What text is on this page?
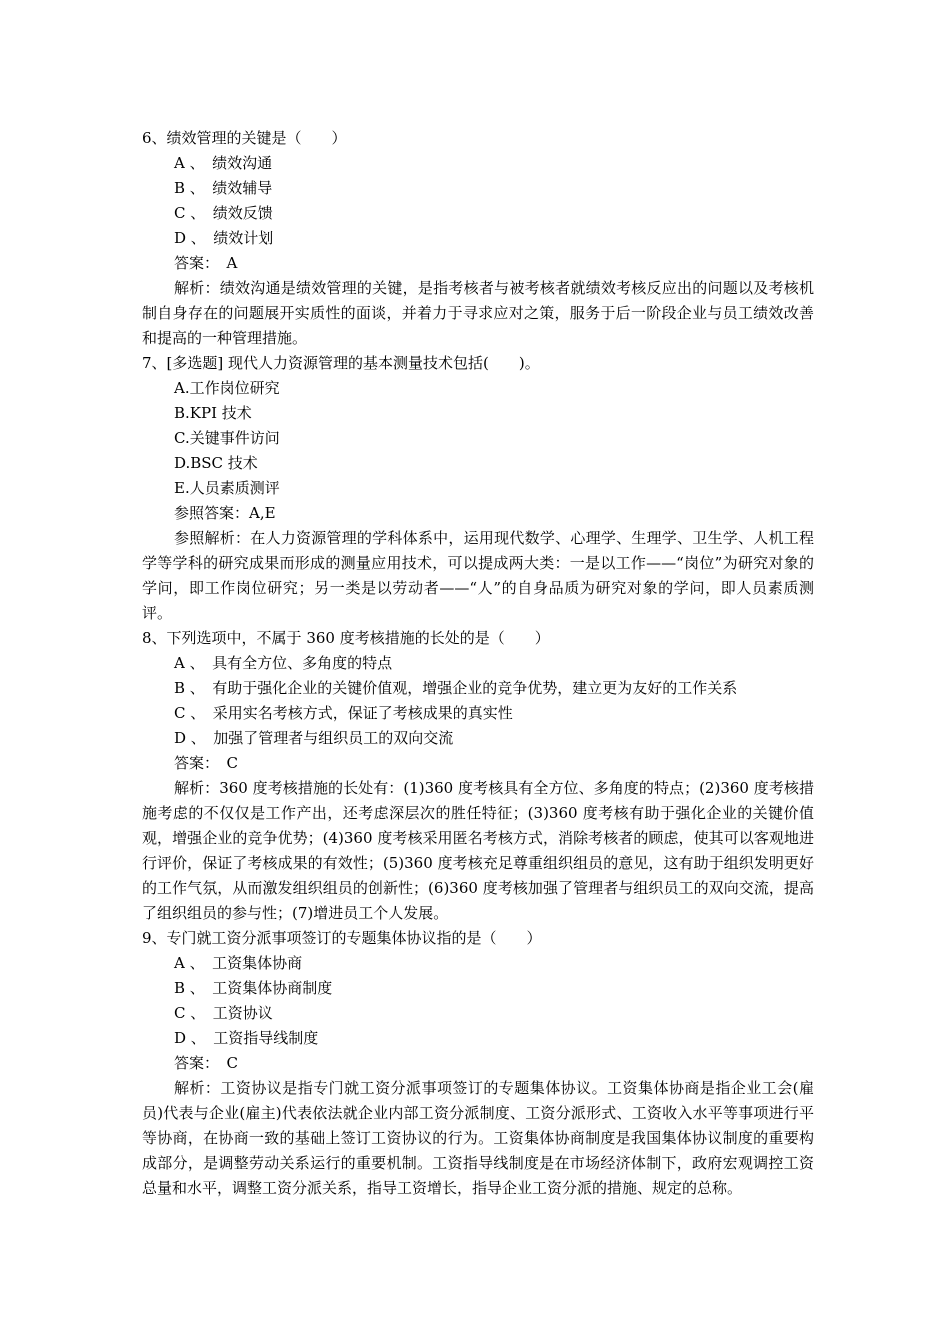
6、绩效管理的关键是（　　）
A 、　绩效沟通
B 、　绩效辅导
C 、　绩效反馈
D 、　绩效计划
答案：　A

解析：绩效沟通是绩效管理的关键，是指考核者与被考核者就绩效考核反应出的问题以及考核机制自身存在的问题展开实质性的面谈，并着力于寻求应对之策，服务于后一阶段企业与员工绩效改善和提高的一种管理措施。

7、[多选题] 现代人力资源管理的基本测量技术包括(　　)。
A.工作岗位研究
B.KPI 技术
C.关键事件访问
D.BSC 技术
E.人员素质测评
参照答案：A,E

参照解析：在人力资源管理的学科体系中，运用现代数学、心理学、生理学、卫生学、人机工程学等学科的研究成果而形成的测量应用技术，可以提成两大类：一是以工作——“岗位”为研究对象的学问，即工作岗位研究；另一类是以劳动者——“人”的自身品质为研究对象的学问，即人员素质测评。

8、下列选项中，不属于 360 度考核措施的长处的是（　　）
A 、　具有全方位、多角度的特点
B 、　有助于强化企业的关键价值观，增强企业的竞争优势，建立更为友好的工作关系
C 、　采用实名考核方式，保证了考核成果的真实性
D 、　加强了管理者与组织员工的双向交流
答案：　C

解析：360 度考核措施的长处有：(1)360 度考核具有全方位、多角度的特点；(2)360 度考核措施考虑的不仅仅是工作产出，还考虑深层次的胜任特征；(3)360 度考核有助于强化企业的关键价值观，增强企业的竞争优势；(4)360 度考核采用匿名考核方式，消除考核者的顾虑，使其可以客观地进行评价，保证了考核成果的有效性；(5)360 度考核充足尊重组织组员的意见，这有助于组织发明更好的工作气氛，从而激发组织组员的创新性；(6)360 度考核加强了管理者与组织员工的双向交流，提高了组织组员的参与性；(7)增进员工个人发展。

9、专门就工资分派事项签订的专题集体协议指的是（　　）
A 、　工资集体协商
B 、　工资集体协商制度
C 、　工资协议
D 、　工资指导线制度
答案：　C

解析：工资协议是指专门就工资分派事项签订的专题集体协议。工资集体协商是指企业工会(雇员)代表与企业(雇主)代表依法就企业内部工资分派制度、工资分派形式、工资收入水平等事项进行平等协商，在协商一致的基础上签订工资协议的行为。工资集体协商制度是我国集体协议制度的重要构成部分，是调整劳动关系运行的重要机制。工资指导线制度是在市场经济体制下，政府宏观调控工资总量和水平，调整工资分派关系，指导工资增长，指导企业工资分派的措施、规定的总称。
